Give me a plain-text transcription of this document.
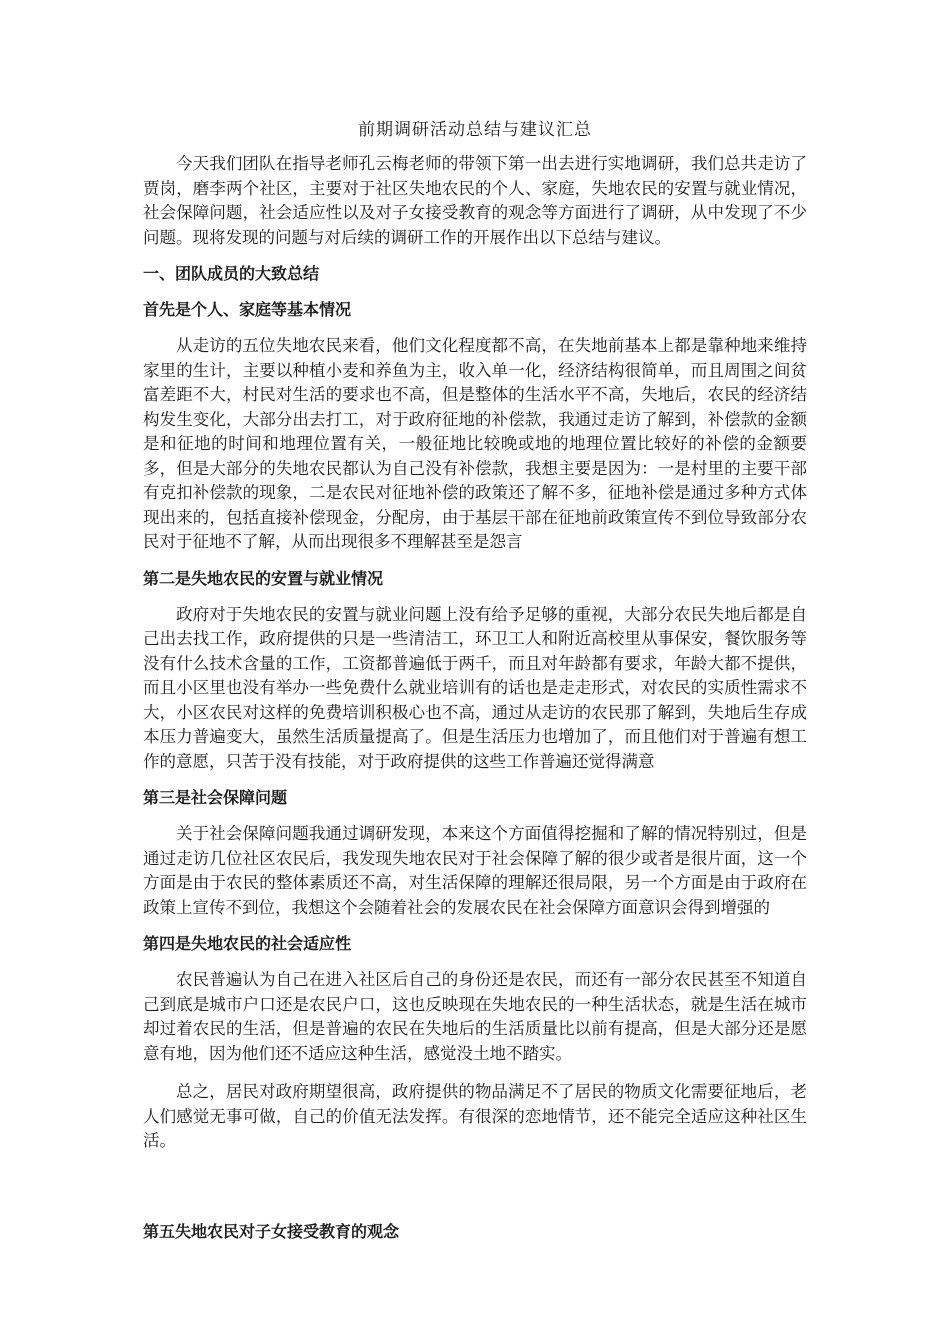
前期调研活动总结与建议汇总

今天我们团队在指导老师孔云梅老师的带领下第一出去进行实地调研，我们总共走访了贾岗，磨李两个社区，主要对于社区失地农民的个人、家庭，失地农民的安置与就业情况，社会保障问题，社会适应性以及对子女接受教育的观念等方面进行了调研，从中发现了不少问题。现将发现的问题与对后续的调研工作的开展作出以下总结与建议。

一、团队成员的大致总结

首先是个人、家庭等基本情况

从走访的五位失地农民来看，他们文化程度都不高，在失地前基本上都是靠种地来维持家里的生计，主要以种植小麦和养鱼为主，收入单一化，经济结构很简单，而且周围之间贫富差距不大，村民对生活的要求也不高，但是整体的生活水平不高，失地后，农民的经济结构发生变化，大部分出去打工，对于政府征地的补偿款，我通过走访了解到，补偿款的金额是和征地的时间和地理位置有关，一般征地比较晚或地的地理位置比较好的补偿的金额要多，但是大部分的失地农民都认为自己没有补偿款，我想主要是因为：一是村里的主要干部有克扣补偿款的现象，二是农民对征地补偿的政策还了解不多，征地补偿是通过多种方式体现出来的，包括直接补偿现金，分配房，由于基层干部在征地前政策宣传不到位导致部分农民对于征地不了解，从而出现很多不理解甚至是怨言

第二是失地农民的安置与就业情况

政府对于失地农民的安置与就业问题上没有给予足够的重视，大部分农民失地后都是自己出去找工作，政府提供的只是一些清洁工，环卫工人和附近高校里从事保安，餐饮服务等没有什么技术含量的工作，工资都普遍低于两千，而且对年龄都有要求，年龄大都不提供，而且小区里也没有举办一些免费什么就业培训有的话也是走走形式，对农民的实质性需求不大，小区农民对这样的免费培训积极心也不高，通过从走访的农民那了解到，失地后生存成本压力普遍变大，虽然生活质量提高了。但是生活压力也增加了，而且他们对于普遍有想工作的意愿，只苦于没有技能，对于政府提供的这些工作普遍还觉得满意

第三是社会保障问题

关于社会保障问题我通过调研发现，本来这个方面值得挖掘和了解的情况特别过，但是通过走访几位社区农民后，我发现失地农民对于社会保障了解的很少或者是很片面，这一个方面是由于农民的整体素质还不高，对生活保障的理解还很局限，另一个方面是由于政府在政策上宣传不到位，我想这个会随着社会的发展农民在社会保障方面意识会得到增强的

第四是失地农民的社会适应性

农民普遍认为自己在进入社区后自己的身份还是农民，而还有一部分农民甚至不知道自己到底是城市户口还是农民户口，这也反映现在失地农民的一种生活状态，就是生活在城市却过着农民的生活，但是普遍的农民在失地后的生活质量比以前有提高，但是大部分还是愿意有地，因为他们还不适应这种生活，感觉没土地不踏实。

总之，居民对政府期望很高，政府提供的物品满足不了居民的物质文化需要征地后，老人们感觉无事可做，自己的价值无法发挥。有很深的恋地情节，还不能完全适应这种社区生活。

第五失地农民对子女接受教育的观念
